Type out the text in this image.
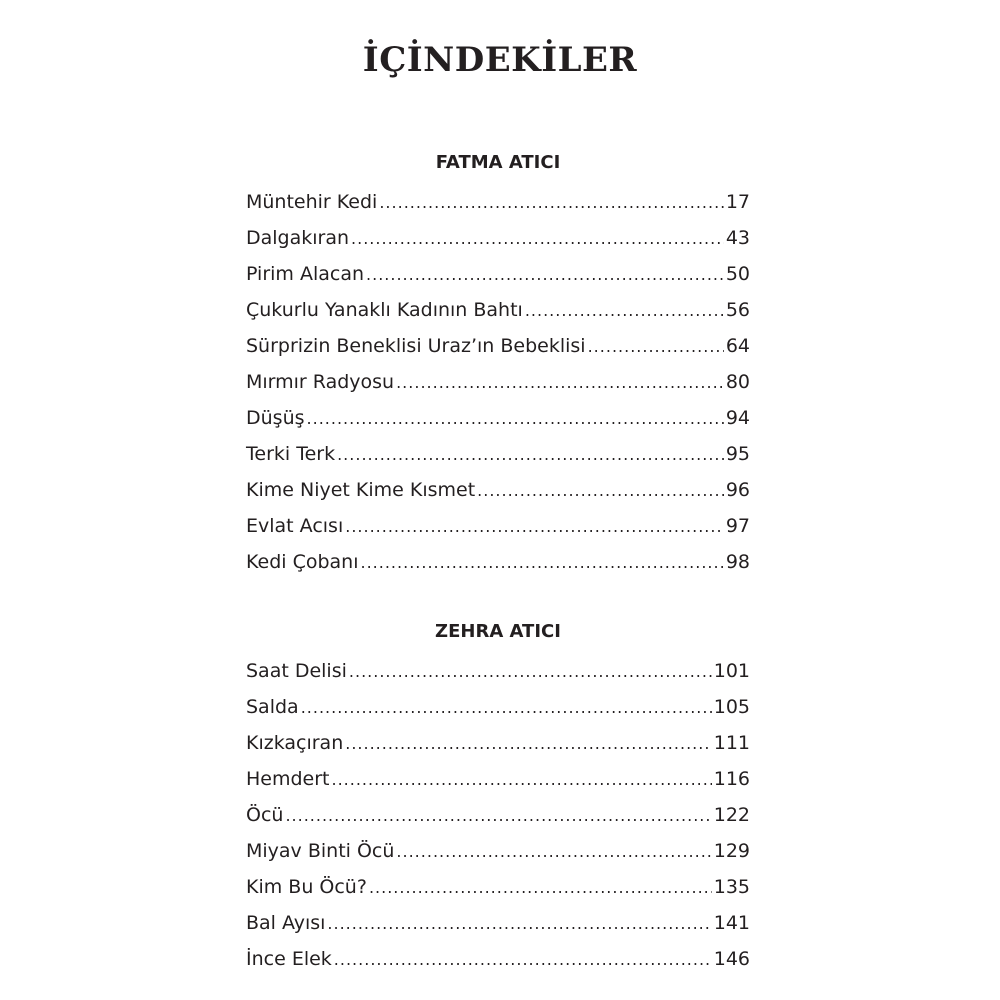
İÇİNDEKİLER
FATMA ATICI
Müntehir Kedi .....	17
Dalgakıran .....	43
Pirim Alacan .....	50
Çukurlu Yanaklı Kadının Bahtı .....	56
Sürprizin Beneklisi Uraz’ın Bebeklisi .....	64
Mırmır Radyosu .....	80
Düşüş .....	94
Terki Terk .....	95
Kime Niyet Kime Kısmet .....	96
Evlat Acısı .....	97
Kedi Çobanı .....	98
ZEHRA ATICI
Saat Delisi .....	101
Salda .....	105
Kızkaçıran .....	111
Hemdert .....	116
Öcü .....	122
Miyav Binti Öcü .....	129
Kim Bu Öcü? .....	135
Bal Ayısı .....	141
İnce Elek .....	146
